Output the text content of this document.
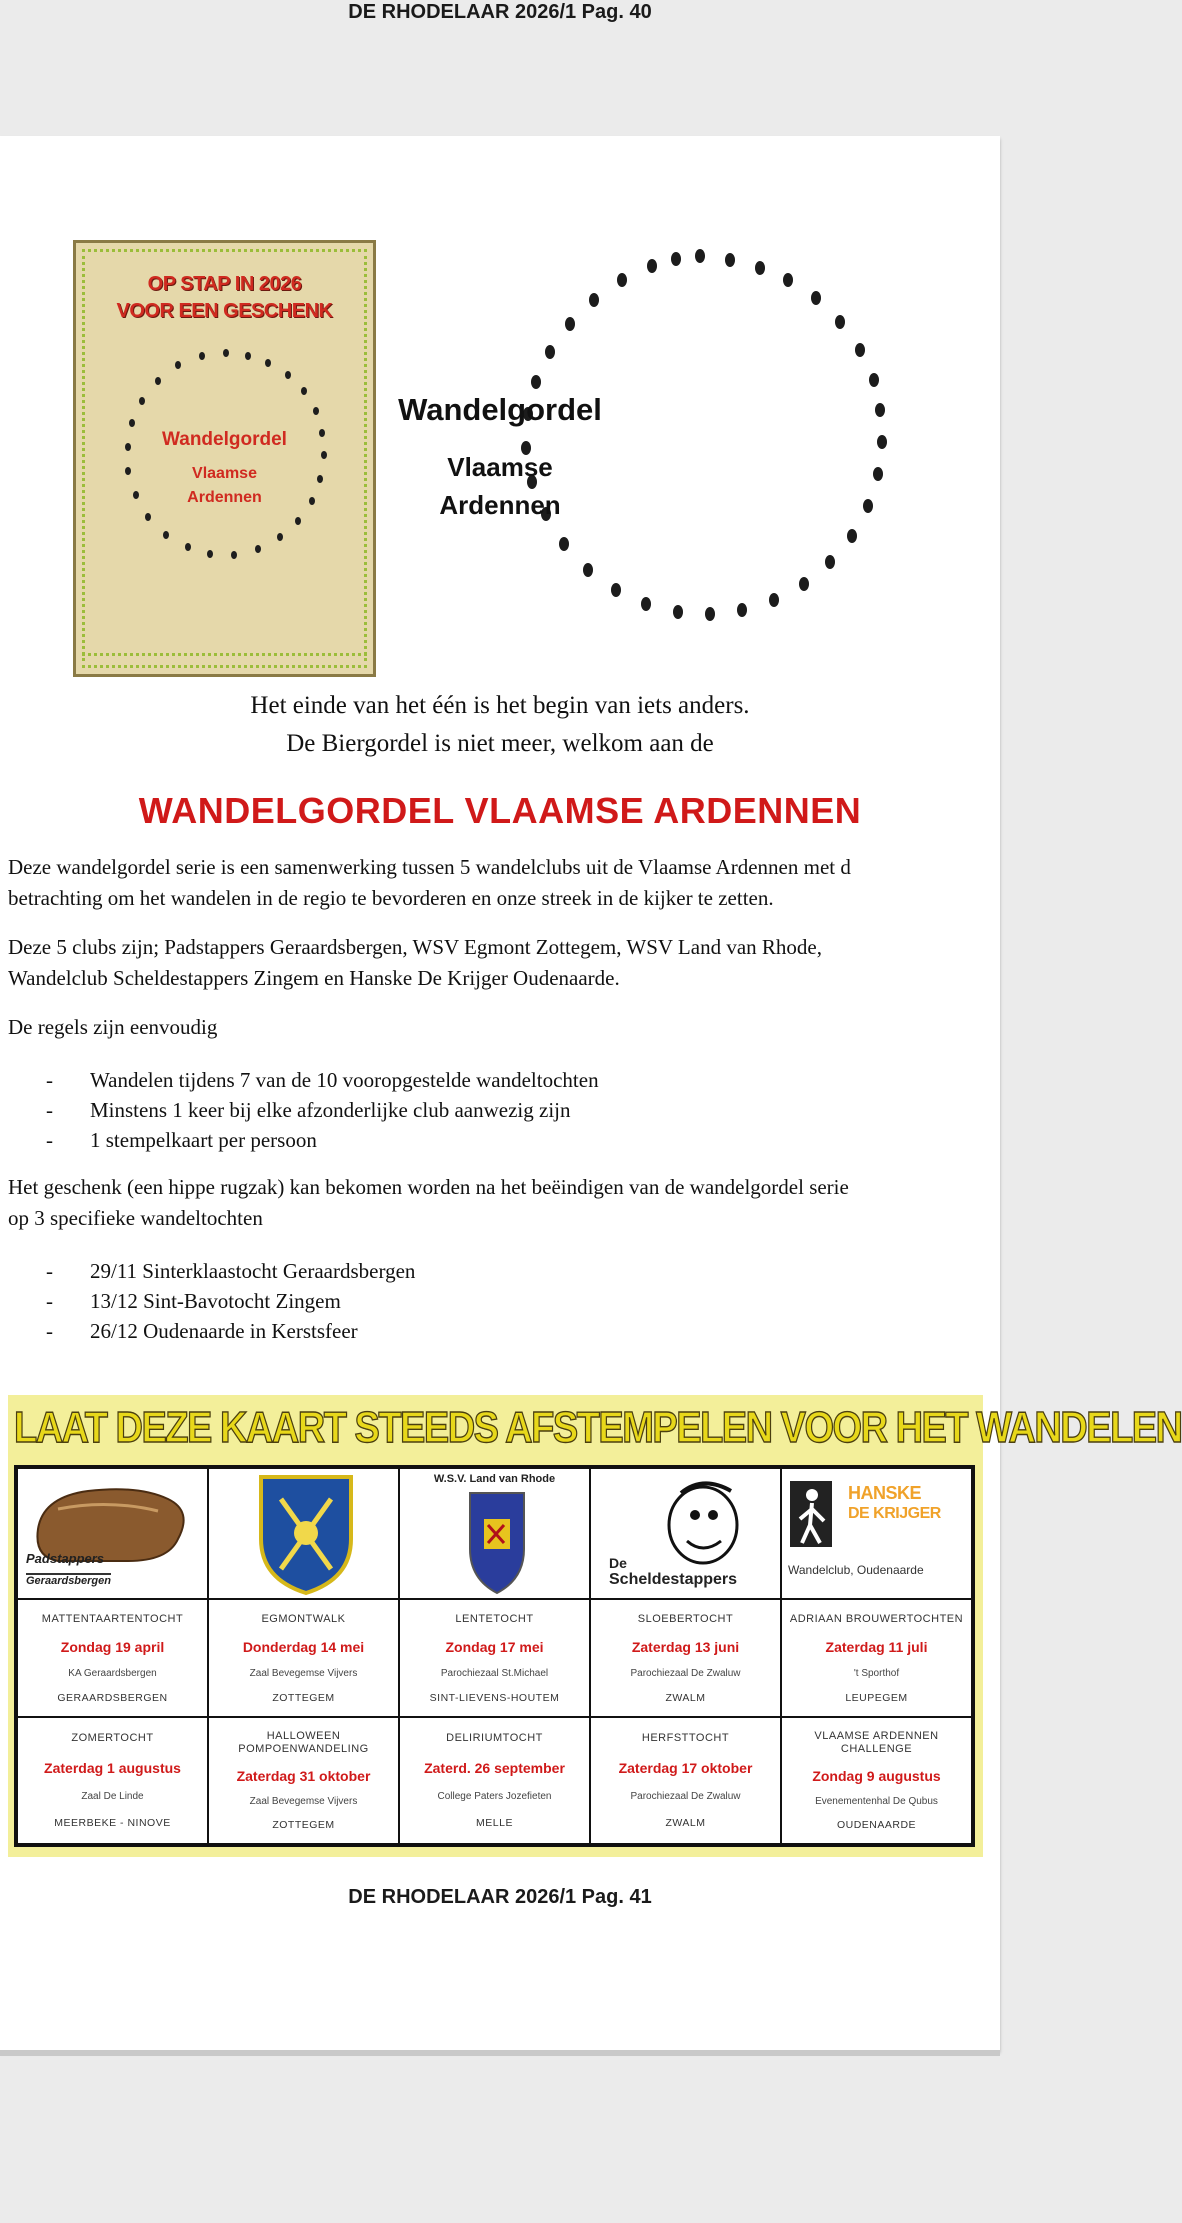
DE RHODELAAR 2026/1 Pag. 40
OP STAP IN 2026
VOOR EEN GESCHENK
Wandelgordel
Vlaamse
Ardennen
Wandelgordel
Vlaamse
Ardennen
Het einde van het één is het begin van iets anders.
De Biergordel is niet meer, welkom aan de
WANDELGORDEL VLAAMSE ARDENNEN
Deze wandelgordel serie is een samenwerking tussen 5 wandelclubs uit de Vlaamse Ardennen met d
betrachting om het wandelen in de regio te bevorderen en onze streek in de kijker te zetten.
Deze 5 clubs zijn; Padstappers Geraardsbergen, WSV Egmont Zottegem, WSV Land van Rhode,
Wandelclub Scheldestappers Zingem en Hanske De Krijger Oudenaarde.
De regels zijn eenvoudig
- Wandelen tijdens 7 van de 10 vooropgestelde wandeltochten
- Minstens 1 keer bij elke afzonderlijke club aanwezig zijn
- 1 stempelkaart per persoon
Het geschenk (een hippe rugzak) kan bekomen worden na het beëindigen van de wandelgordel serie
op 3 specifieke wandeltochten
- 29/11 Sinterklaastocht Geraardsbergen
- 13/12 Sint-Bavotocht Zingem
- 26/12 Oudenaarde in Kerstsfeer
LAAT DEZE KAART STEEDS AFSTEMPELEN VOOR HET WANDELEN
Padstappers
Geraardsbergen
W.S.V. Land van Rhode
De
Scheldestappers
HANSKE
DE KRIJGER
Wandelclub, Oudenaarde
MATTENTAARTENTOCHT
Zondag 19 april
KA Geraardsbergen
GERAARDSBERGEN
EGMONTWALK
Donderdag 14 mei
Zaal Bevegemse Vijvers
ZOTTEGEM
LENTETOCHT
Zondag 17 mei
Parochiezaal St.Michael
SINT-LIEVENS-HOUTEM
SLOEBERTOCHT
Zaterdag 13 juni
Parochiezaal De Zwaluw
ZWALM
ADRIAAN BROUWERTOCHTEN
Zaterdag 11 juli
't Sporthof
LEUPEGEM
ZOMERTOCHT
Zaterdag 1 augustus
Zaal De Linde
MEERBEKE - NINOVE
HALLOWEEN POMPOENWANDELING
Zaterdag 31 oktober
Zaal Bevegemse Vijvers
ZOTTEGEM
DELIRIUMTOCHT
Zaterd. 26 september
College Paters Jozefieten
MELLE
HERFSTTOCHT
Zaterdag 17 oktober
Parochiezaal De Zwaluw
ZWALM
VLAAMSE ARDENNEN CHALLENGE
Zondag 9 augustus
Evenementenhal De Qubus
OUDENAARDE
DE RHODELAAR 2026/1 Pag. 41
